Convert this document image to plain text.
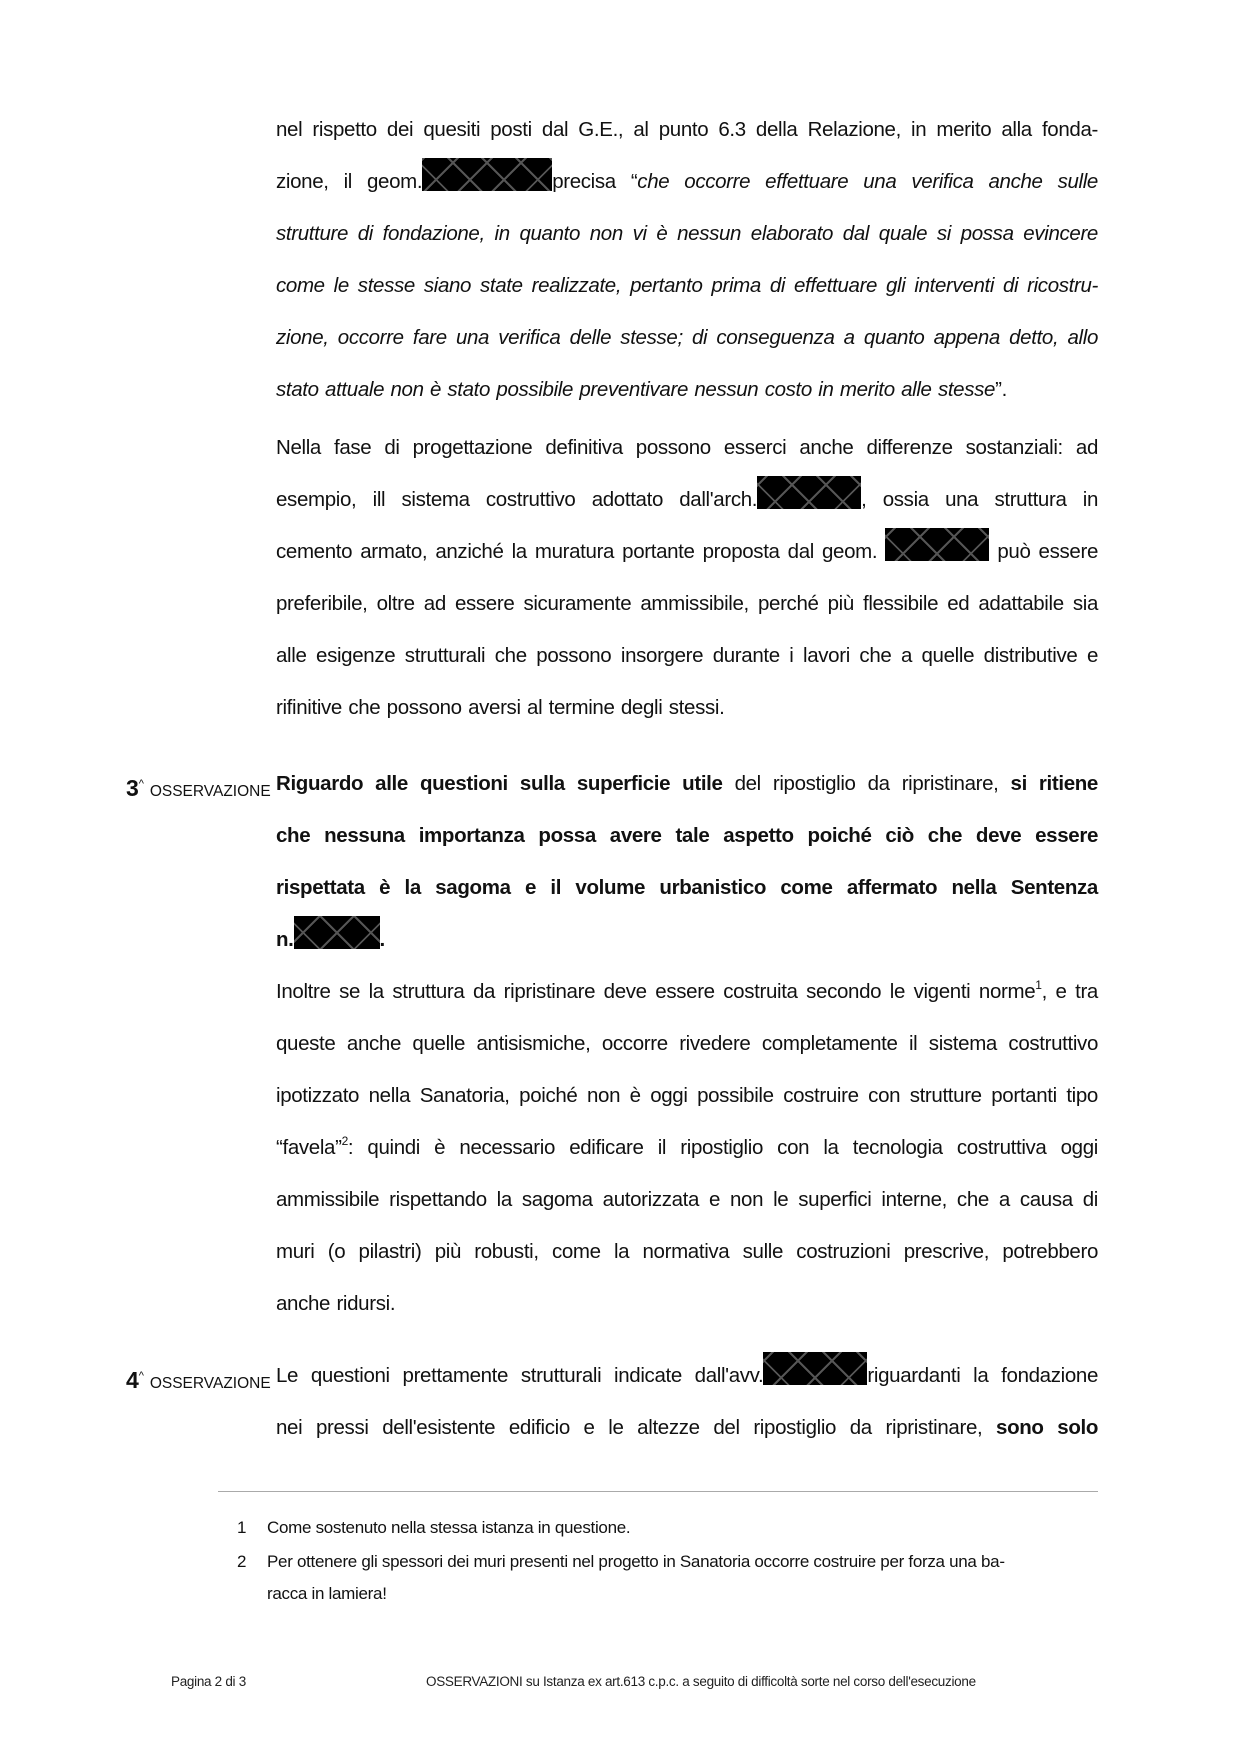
nel rispetto dei quesiti posti dal G.E., al punto 6.3 della Relazione, in merito alla fonda-
zione, il geom.	precisa “che occorre effettuare una verifica anche sulle
strutture di fondazione, in quanto non vi è nessun elaborato dal quale si possa evincere
come le stesse siano state realizzate, pertanto prima di effettuare gli interventi di ricostru-
zione, occorre fare una verifica delle stesse; di conseguenza a quanto appena detto, allo
stato attuale non è stato possibile preventivare nessun costo in merito alle stesse”.
Nella fase di progettazione definitiva possono esserci anche differenze sostanziali: ad
esempio, ill sistema costruttivo adottato dall'arch.	, ossia una struttura in
cemento armato, anziché la muratura portante proposta dal geom.	può essere
preferibile, oltre ad essere sicuramente ammissibile, perché più flessibile ed adattabile sia
alle esigenze strutturali che possono insorgere durante i lavori che a quelle distributive e
rifinitive che possono aversi al termine degli stessi.
3^ OSSERVAZIONE Riguardo alle questioni sulla superficie utile del ripostiglio da ripristinare, si ritiene
che nessuna importanza possa avere tale aspetto poiché ciò che deve essere
rispettata è la sagoma e il volume urbanistico come affermato nella Sentenza
n.	.
Inoltre se la struttura da ripristinare deve essere costruita secondo le vigenti norme$^1$, e tra
queste anche quelle antisismiche, occorre rivedere completamente il sistema costruttivo
ipotizzato nella Sanatoria, poiché non è oggi possibile costruire con strutture portanti tipo
“favela”$^2$: quindi è necessario edificare il ripostiglio con la tecnologia costruttiva oggi
ammissibile rispettando la sagoma autorizzata e non le superfici interne, che a causa di
muri (o pilastri) più robusti, come la normativa sulle costruzioni prescrive, potrebbero
anche ridursi.
4^ OSSERVAZIONE Le questioni prettamente strutturali indicate dall'avv.	riguardanti la fondazione
nei pressi dell'esistente edificio e le altezze del ripostiglio da ripristinare, sono solo
1	Come sostenuto nella stessa istanza in questione.
2	Per ottenere gli spessori dei muri presenti nel progetto in Sanatoria occorre costruire per forza una ba-
racca in lamiera!
Pagina 2 di 3	OSSERVAZIONI su Istanza ex art.613 c.p.c. a seguito di difficoltà sorte nel corso dell'esecuzione
